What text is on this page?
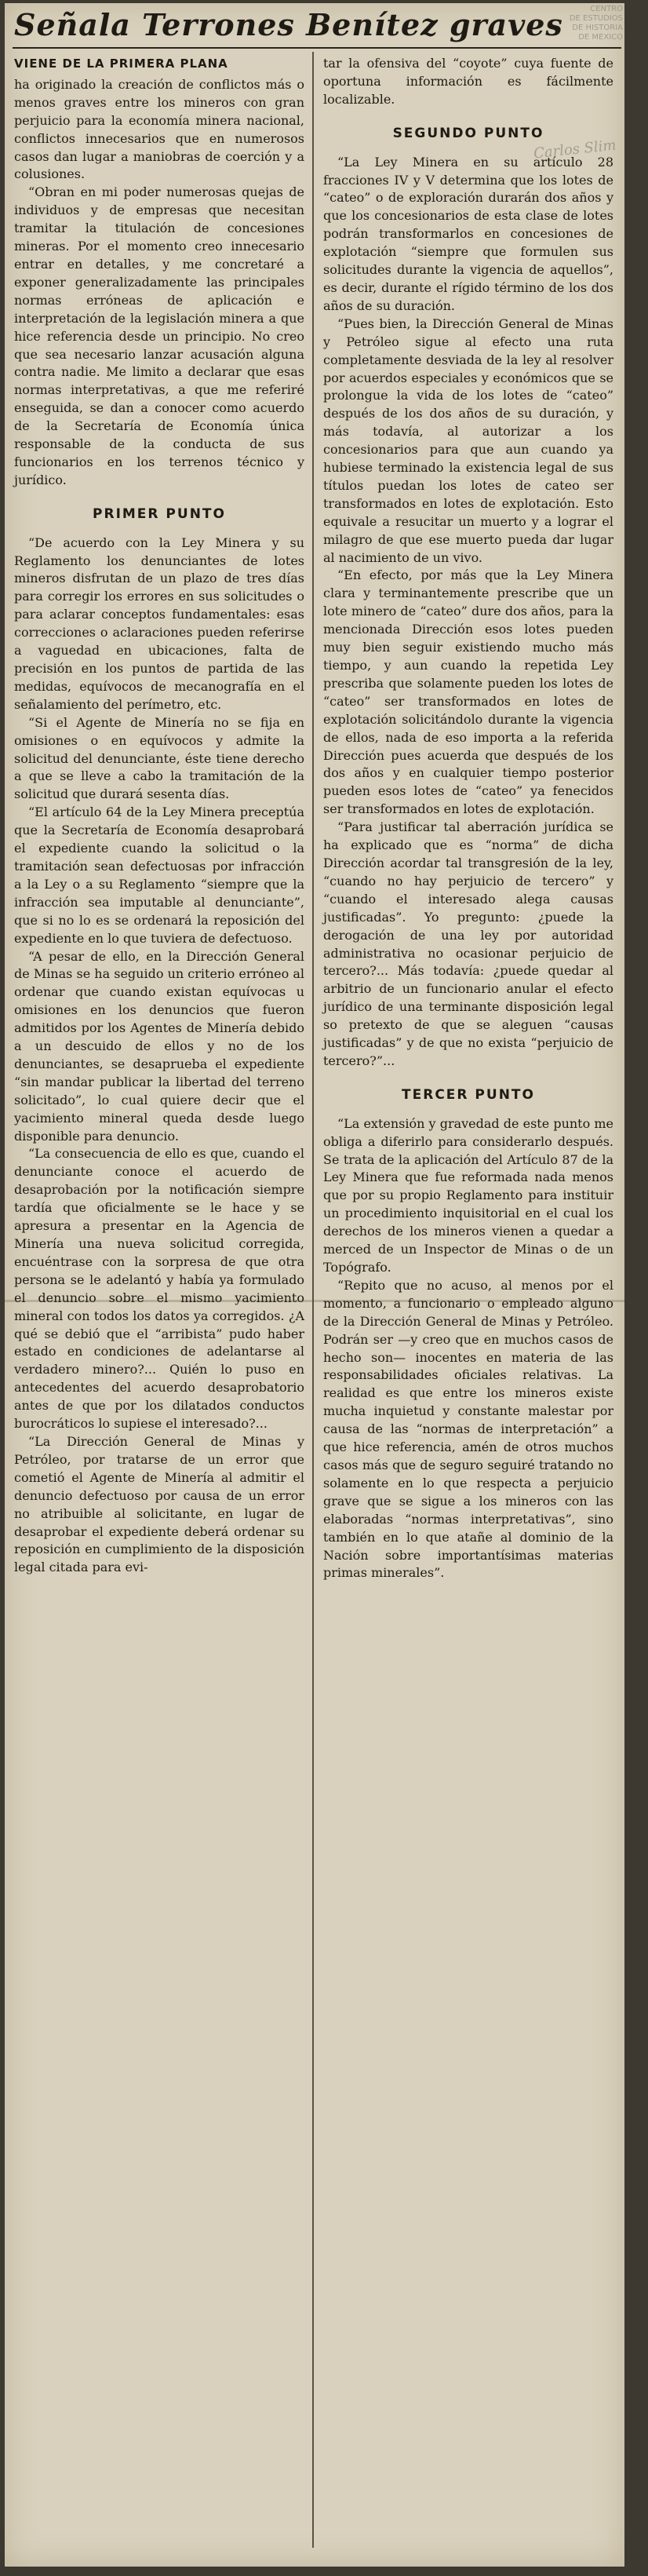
Señala Terrones Benítez graves	CENTRO
DE ESTUDIOS
DE HISTORIA
DE MEXICO
Carlos Slim
VIENE DE LA PRIMERA PLANA

ha originado la creación de conflictos más o menos graves entre los mineros con gran perjuicio para la economía minera nacional, conflictos innecesarios que en numerosos casos dan lugar a maniobras de coerción y a colusiones.

“Obran en mi poder numerosas quejas de individuos y de empresas que necesitan tramitar la titulación de concesiones mineras. Por el momento creo innecesario entrar en detalles, y me concretaré a exponer generalizadamente las principales normas erróneas de aplicación e interpretación de la legislación minera a que hice referencia desde un principio. No creo que sea necesario lanzar acusación alguna contra nadie. Me limito a declarar que esas normas interpretativas, a que me referiré enseguida, se dan a conocer como acuerdo de la Secretaría de Economía única responsable de la conducta de sus funcionarios en los terrenos técnico y jurídico.

PRIMER PUNTO

“De acuerdo con la Ley Minera y su Reglamento los denunciantes de lotes mineros disfrutan de un plazo de tres días para corregir los errores en sus solicitudes o para aclarar conceptos fundamentales: esas correcciones o aclaraciones pueden referirse a vaguedad en ubicaciones, falta de precisión en los puntos de partida de las medidas, equívocos de mecanografía en el señalamiento del perímetro, etc.

“Si el Agente de Minería no se fija en omisiones o en equívocos y admite la solicitud del denunciante, éste tiene derecho a que se lleve a cabo la tramitación de la solicitud que durará sesenta días.

“El artículo 64 de la Ley Minera preceptúa que la Secretaría de Economía desaprobará el expediente cuando la solicitud o la tramitación sean defectuosas por infracción a la Ley o a su Reglamento “siempre que la infracción sea imputable al denunciante”, que si no lo es se ordenará la reposición del expediente en lo que tuviera de defectuoso.

“A pesar de ello, en la Dirección General de Minas se ha seguido un criterio erróneo al ordenar que cuando existan equívocas u omisiones en los denuncios que fueron admitidos por los Agentes de Minería debido a un descuido de ellos y no de los denunciantes, se desaprueba el expediente “sin mandar publicar la libertad del terreno solicitado”, lo cual quiere decir que el yacimiento mineral queda desde luego disponible para denuncio.

“La consecuencia de ello es que, cuando el denunciante conoce el acuerdo de desaprobación por la notificación siempre tardía que oficialmente se le hace y se apresura a presentar en la Agencia de Minería una nueva solicitud corregida, encuéntrase con la sorpresa de que otra persona se le adelantó y había ya formulado el denuncio sobre el mismo yacimiento mineral con todos los datos ya corregidos. ¿A qué se debió que el “arribista” pudo haber estado en condiciones de adelantarse al verdadero minero?... Quién lo puso en antecedentes del acuerdo desaprobatorio antes de que por los dilatados conductos burocráticos lo supiese el interesado?...

“La Dirección General de Minas y Petróleo, por tratarse de un error que cometió el Agente de Minería al admitir el denuncio defectuoso por causa de un error no atribuible al solicitante, en lugar de desaprobar el expediente deberá ordenar su reposición en cumplimiento de la disposición legal citada para evi-

tar la ofensiva del “coyote” cuya fuente de oportuna información es fácilmente localizable.

SEGUNDO PUNTO

“La Ley Minera en su artículo 28 fracciones IV y V determina que los lotes de “cateo” o de exploración durarán dos años y que los concesionarios de esta clase de lotes podrán transformarlos en concesiones de explotación “siempre que formulen sus solicitudes durante la vigencia de aquellos”, es decir, durante el rígido término de los dos años de su duración.

“Pues bien, la Dirección General de Minas y Petróleo sigue al efecto una ruta completamente desviada de la ley al resolver por acuerdos especiales y económicos que se prolongue la vida de los lotes de “cateo” después de los dos años de su duración, y más todavía, al autorizar a los concesionarios para que aun cuando ya hubiese terminado la existencia legal de sus títulos puedan los lotes de cateo ser transformados en lotes de explotación. Esto equivale a resucitar un muerto y a lograr el milagro de que ese muerto pueda dar lugar al nacimiento de un vivo.

“En efecto, por más que la Ley Minera clara y terminantemente prescribe que un lote minero de “cateo” dure dos años, para la mencionada Dirección esos lotes pueden muy bien seguir existiendo mucho más tiempo, y aun cuando la repetida Ley prescriba que solamente pueden los lotes de “cateo” ser transformados en lotes de explotación solicitándolo durante la vigencia de ellos, nada de eso importa a la referida Dirección pues acuerda que después de los dos años y en cualquier tiempo posterior pueden esos lotes de “cateo” ya fenecidos ser transformados en lotes de explotación.

“Para justificar tal aberración jurídica se ha explicado que es “norma” de dicha Dirección acordar tal transgresión de la ley, “cuando no hay perjuicio de tercero” y “cuando el interesado alega causas justificadas”. Yo pregunto: ¿puede la derogación de una ley por autoridad administrativa no ocasionar perjuicio de tercero?... Más todavía: ¿puede quedar al arbitrio de un funcionario anular el efecto jurídico de una terminante disposición legal so pretexto de que se aleguen “causas justificadas” y de que no exista “perjuicio de tercero?”...

TERCER PUNTO

“La extensión y gravedad de este punto me obliga a diferirlo para considerarlo después. Se trata de la aplicación del Artículo 87 de la Ley Minera que fue reformada nada menos que por su propio Reglamento para instituir un procedimiento inquisitorial en el cual los derechos de los mineros vienen a quedar a merced de un Inspector de Minas o de un Topógrafo.

“Repito que no acuso, al menos por el momento, a funcionario o empleado alguno de la Dirección General de Minas y Petróleo. Podrán ser —y creo que en muchos casos de hecho son— inocentes en materia de las responsabilidades oficiales relativas. La realidad es que entre los mineros existe mucha inquietud y constante malestar por causa de las “normas de interpretación” a que hice referencia, amén de otros muchos casos más que de seguro seguiré tratando no solamente en lo que respecta a perjuicio grave que se sigue a los mineros con las elaboradas “normas interpretativas”, sino también en lo que atañe al dominio de la Nación sobre importantísimas materias primas minerales”.
